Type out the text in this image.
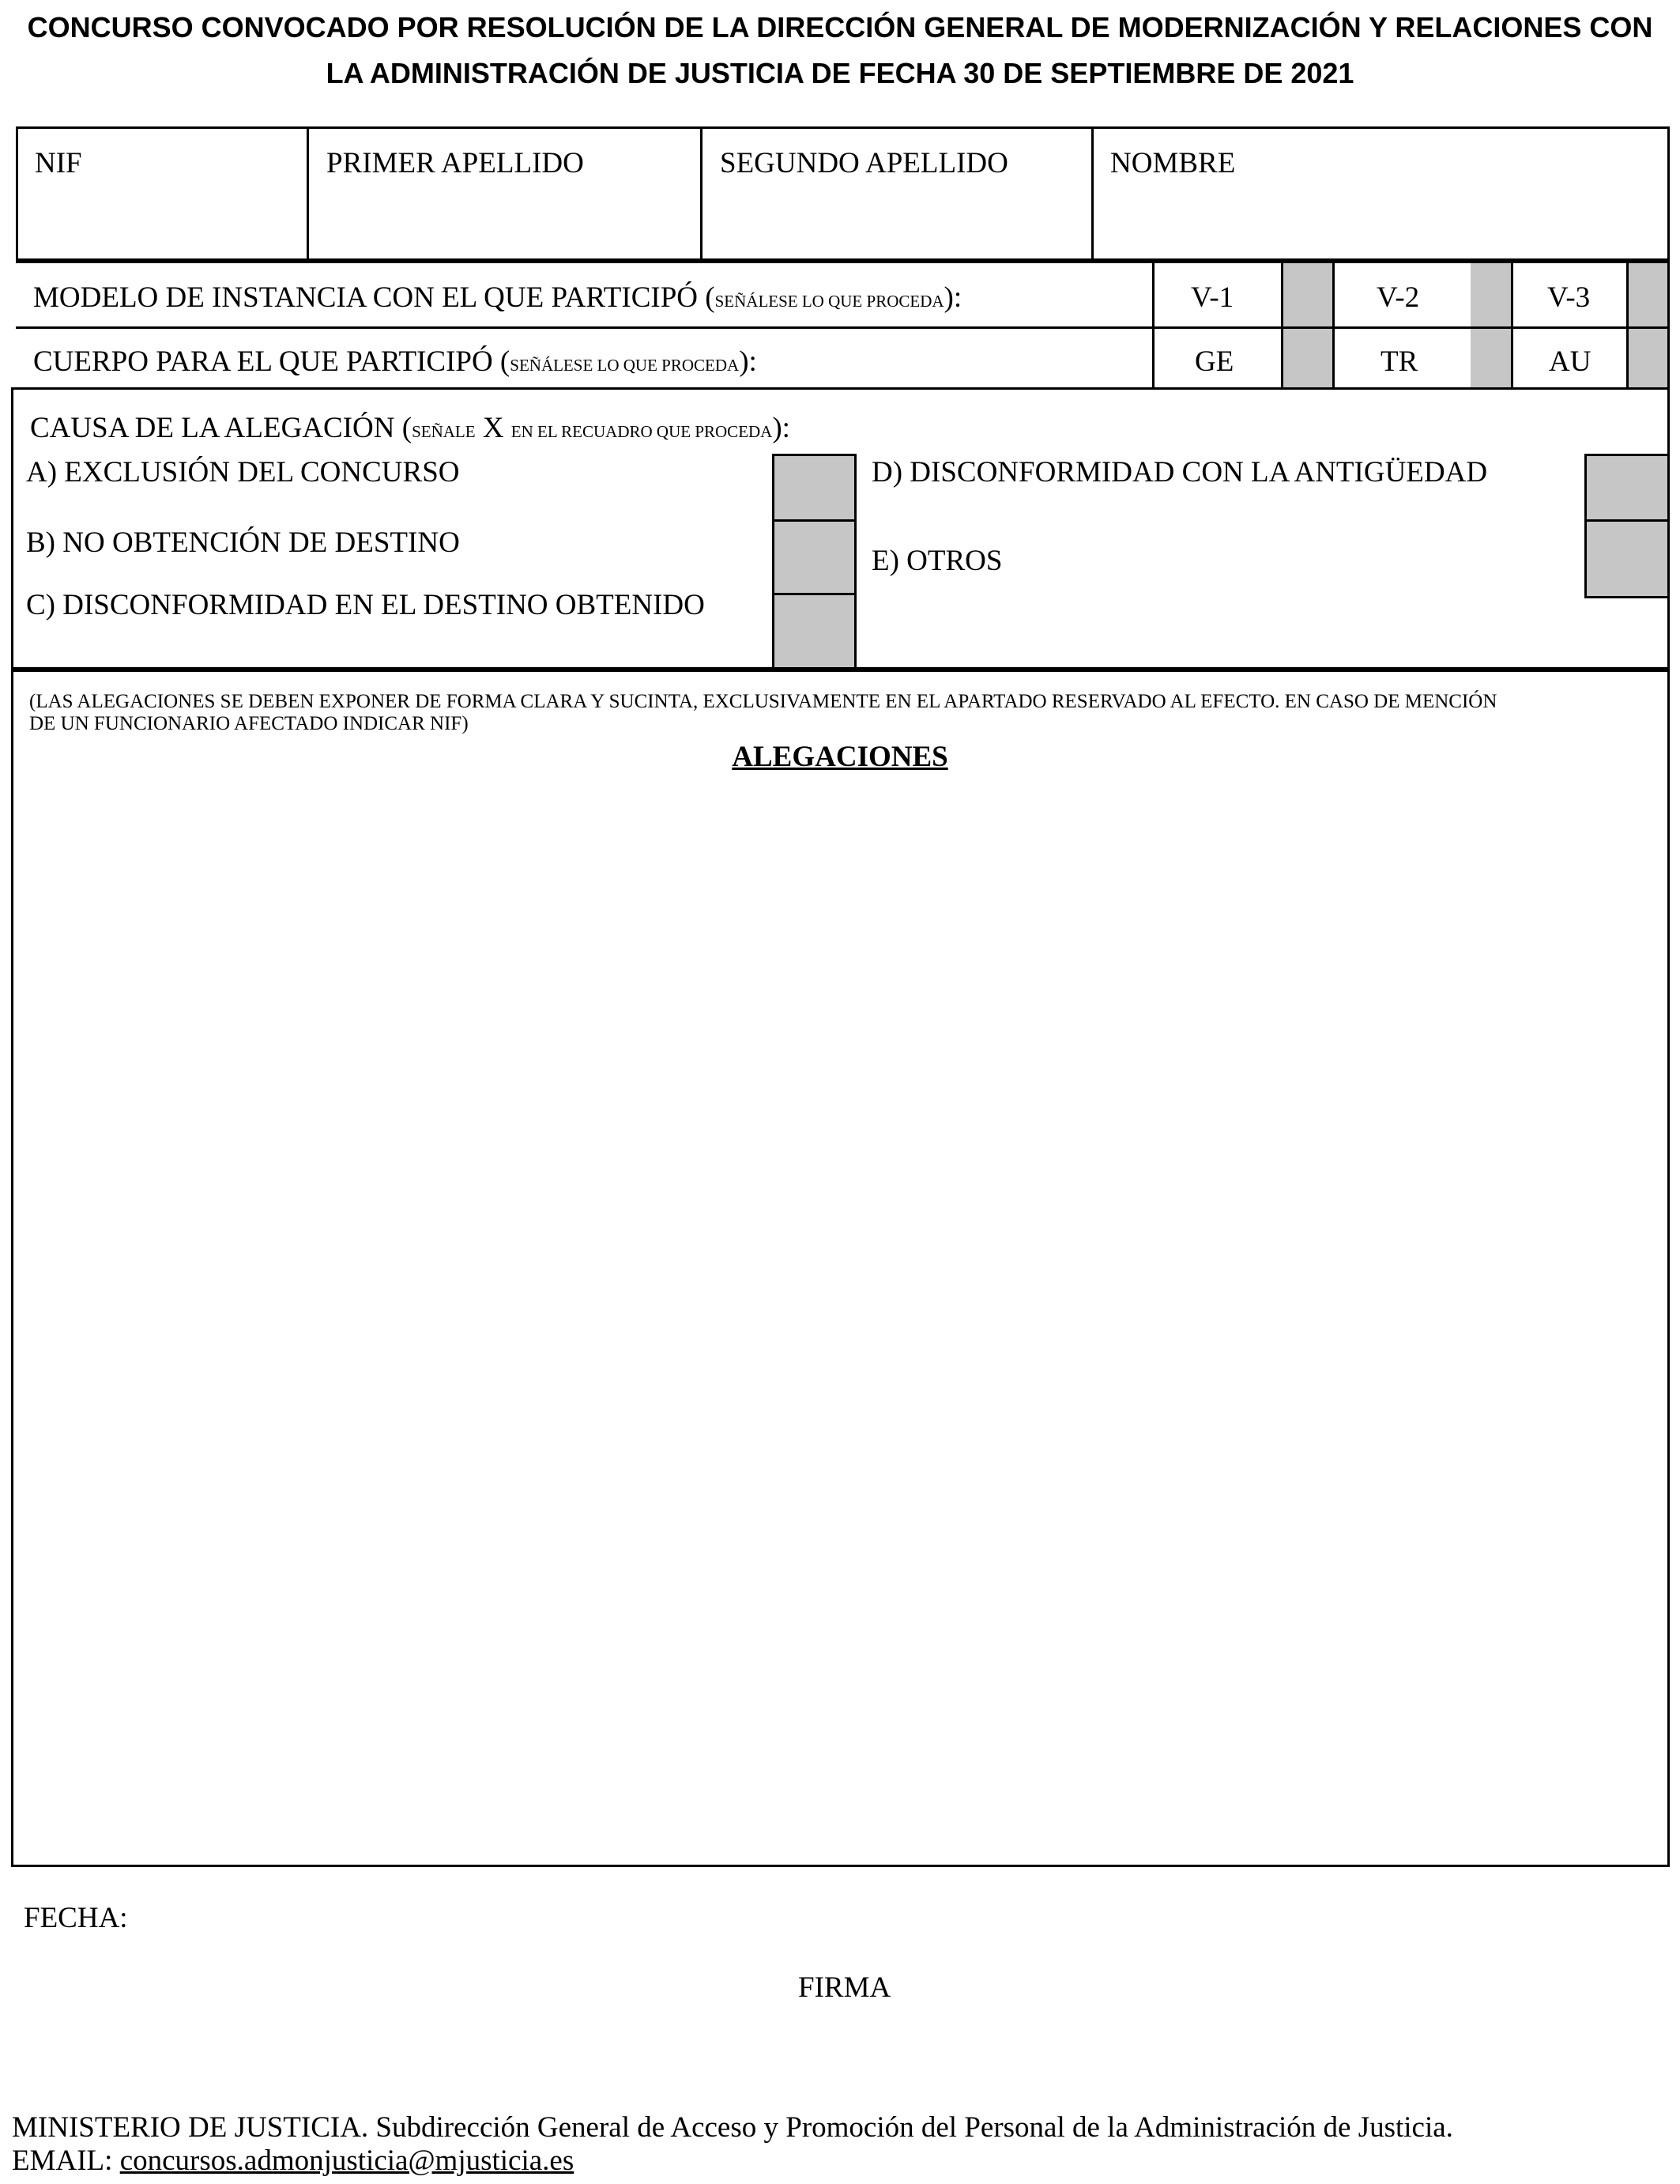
CONCURSO CONVOCADO POR RESOLUCIÓN DE LA DIRECCIÓN GENERAL DE MODERNIZACIÓN Y RELACIONES CON
LA ADMINISTRACIÓN DE JUSTICIA DE FECHA 30 DE SEPTIEMBRE DE 2021
NIF	PRIMER APELLIDO	SEGUNDO APELLIDO	NOMBRE
MODELO DE INSTANCIA CON EL QUE PARTICIPÓ (SEÑÁLESE LO QUE PROCEDA):	V-1	V-2	V-3
CUERPO PARA EL QUE PARTICIPÓ (SEÑÁLESE LO QUE PROCEDA):	GE	TR	AU
CAUSA DE LA ALEGACIÓN (SEÑALE X EN EL RECUADRO QUE PROCEDA):
A) EXCLUSIÓN DEL CONCURSO
B) NO OBTENCIÓN DE DESTINO
C) DISCONFORMIDAD EN EL DESTINO OBTENIDO
D) DISCONFORMIDAD CON LA ANTIGÜEDAD
E) OTROS
(LAS ALEGACIONES SE DEBEN EXPONER DE FORMA CLARA Y SUCINTA, EXCLUSIVAMENTE EN EL APARTADO RESERVADO AL EFECTO. EN CASO DE MENCIÓN
DE UN FUNCIONARIO AFECTADO INDICAR NIF)
ALEGACIONES
FECHA:
FIRMA
MINISTERIO DE JUSTICIA. Subdirección General de Acceso y Promoción del Personal de la Administración de Justicia.
EMAIL: concursos.admonjusticia@mjusticia.es
